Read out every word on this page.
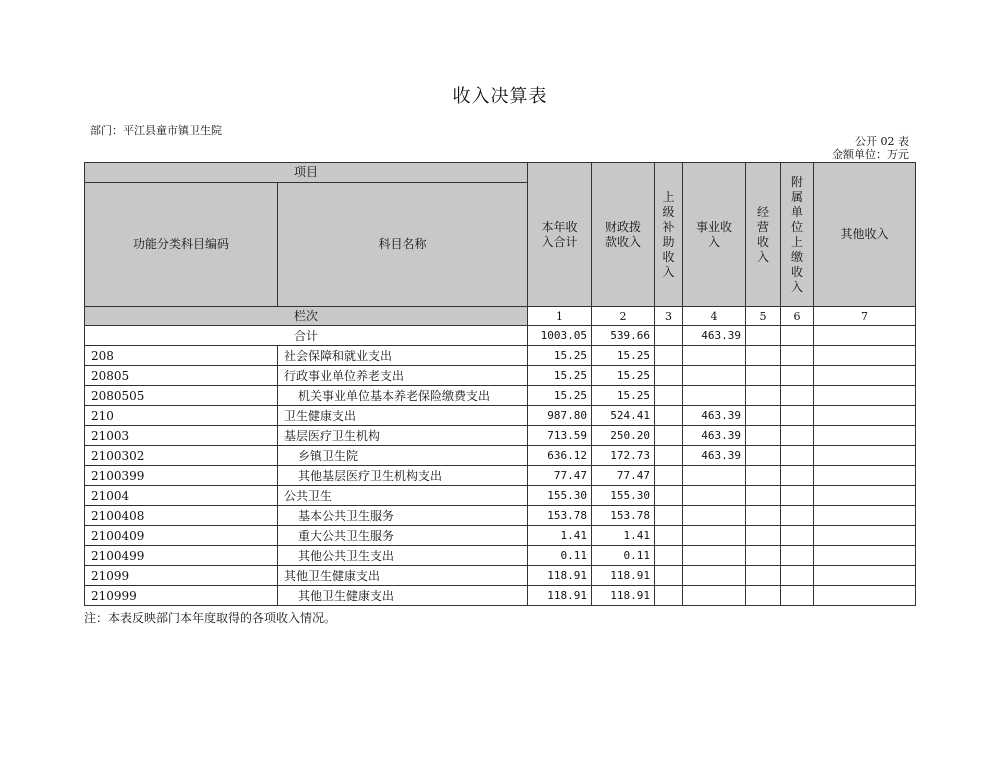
收入决算表
部门：平江县童市镇卫生院
公开 02 表
金额单位：万元
项目		本年收入合计	财政拨款收入	上级补助收入	事业收入	经营收入	附属单位上缴收入	其他收入
功能分类科目编码	科目名称							
栏次		1	2	3	4	5	6	7
合计		1003.05	539.66		463.39			
208	社会保障和就业支出	15.25	15.25					
20805	行政事业单位养老支出	15.25	15.25					
2080505	机关事业单位基本养老保险缴费支出	15.25	15.25					
210	卫生健康支出	987.80	524.41		463.39			
21003	基层医疗卫生机构	713.59	250.20		463.39			
2100302	乡镇卫生院	636.12	172.73		463.39			
2100399	其他基层医疗卫生机构支出	77.47	77.47					
21004	公共卫生	155.30	155.30					
2100408	基本公共卫生服务	153.78	153.78					
2100409	重大公共卫生服务	1.41	1.41					
2100499	其他公共卫生支出	0.11	0.11					
21099	其他卫生健康支出	118.91	118.91					
210999	其他卫生健康支出	118.91	118.91					
注：本表反映部门本年度取得的各项收入情况。
